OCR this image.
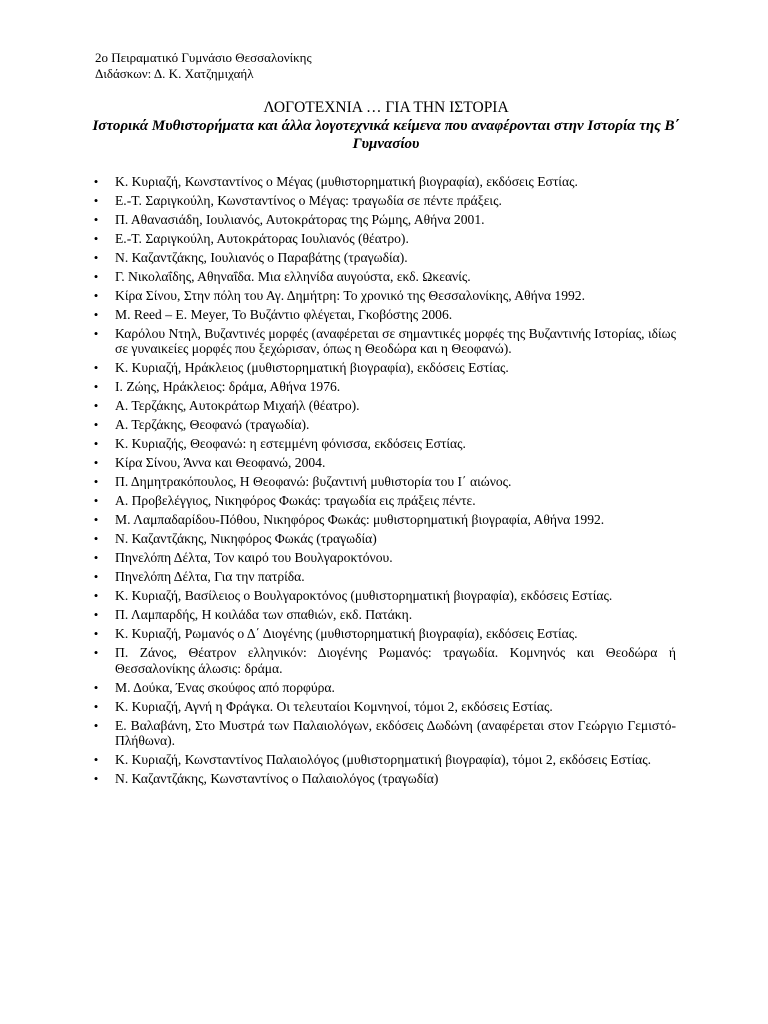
2ο Πειραματικό Γυμνάσιο Θεσσαλονίκης
Διδάσκων: Δ. Κ. Χατζημιχαήλ
ΛΟΓΟΤΕΧΝΙΑ … ΓΙΑ ΤΗΝ ΙΣΤΟΡΙΑ
Ιστορικά Μυθιστορήματα και άλλα λογοτεχνικά κείμενα που αναφέρονται στην Ιστορία της Β΄ Γυμνασίου
•	Κ. Κυριαζή, Κωνσταντίνος ο Μέγας (μυθιστορηματική βιογραφία), εκδόσεις Εστίας.
•	Ε.-Τ. Σαριγκούλη, Κωνσταντίνος ο Μέγας: τραγωδία σε πέντε πράξεις.
•	Π. Αθανασιάδη, Ιουλιανός, Αυτοκράτορας της Ρώμης, Αθήνα 2001.
•	Ε.-Τ. Σαριγκούλη, Αυτοκράτορας Ιουλιανός (θέατρο).
•	Ν. Καζαντζάκης, Ιουλιανός ο Παραβάτης (τραγωδία).
•	Γ. Νικολαΐδης, Αθηναΐδα. Μια ελληνίδα αυγούστα, εκδ. Ωκεανίς.
•	Κίρα Σίνου, Στην πόλη του Αγ. Δημήτρη: Το χρονικό της Θεσσαλονίκης, Αθήνα 1992.
•	M. Reed – E. Meyer, Το Βυζάντιο φλέγεται, Γκοβόστης 2006.
•	Καρόλου Ντηλ, Βυζαντινές μορφές (αναφέρεται σε σημαντικές μορφές της Βυζαντινής Ιστορίας, ιδίως σε γυναικείες μορφές που ξεχώρισαν, όπως η Θεοδώρα και η Θεοφανώ).
•	Κ. Κυριαζή, Ηράκλειος (μυθιστορηματική βιογραφία), εκδόσεις Εστίας.
•	Ι. Ζώης, Ηράκλειος: δράμα, Αθήνα 1976.
•	Α. Τερζάκης, Αυτοκράτωρ Μιχαήλ (θέατρο).
•	Α. Τερζάκης, Θεοφανώ (τραγωδία).
•	Κ. Κυριαζής, Θεοφανώ: η εστεμμένη φόνισσα, εκδόσεις Εστίας.
•	Κίρα Σίνου, Άννα και Θεοφανώ, 2004.
•	Π. Δημητρακόπουλος, Η Θεοφανώ: βυζαντινή μυθιστορία του Ι΄ αιώνος.
•	Α. Προβελέγγιος, Νικηφόρος Φωκάς: τραγωδία εις πράξεις πέντε.
•	Μ. Λαμπαδαρίδου-Πόθου, Νικηφόρος Φωκάς: μυθιστορηματική βιογραφία, Αθήνα 1992.
•	Ν. Καζαντζάκης, Νικηφόρος Φωκάς (τραγωδία)
•	Πηνελόπη Δέλτα, Τον καιρό του Βουλγαροκτόνου.
•	Πηνελόπη Δέλτα, Για την πατρίδα.
•	Κ. Κυριαζή, Βασίλειος ο Βουλγαροκτόνος (μυθιστορηματική βιογραφία), εκδόσεις Εστίας.
•	Π. Λαμπαρδής, Η κοιλάδα των σπαθιών, εκδ. Πατάκη.
•	Κ. Κυριαζή, Ρωμανός ο Δ΄ Διογένης (μυθιστορηματική βιογραφία), εκδόσεις Εστίας.
•	Π. Ζάνος, Θέατρον ελληνικόν: Διογένης Ρωμανός: τραγωδία. Κομνηνός και Θεοδώρα ή Θεσσαλονίκης άλωσις: δράμα.
•	Μ. Δούκα, Ένας σκούφος από πορφύρα.
•	Κ. Κυριαζή, Αγνή η Φράγκα. Οι τελευταίοι Κομνηνοί, τόμοι 2, εκδόσεις Εστίας.
•	Ε. Βαλαβάνη, Στο Μυστρά των Παλαιολόγων, εκδόσεις Δωδώνη (αναφέρεται στον Γεώργιο Γεμιστό-Πλήθωνα).
•	Κ. Κυριαζή, Κωνσταντίνος Παλαιολόγος (μυθιστορηματική βιογραφία), τόμοι 2, εκδόσεις Εστίας.
•	Ν. Καζαντζάκης, Κωνσταντίνος ο Παλαιολόγος (τραγωδία)
